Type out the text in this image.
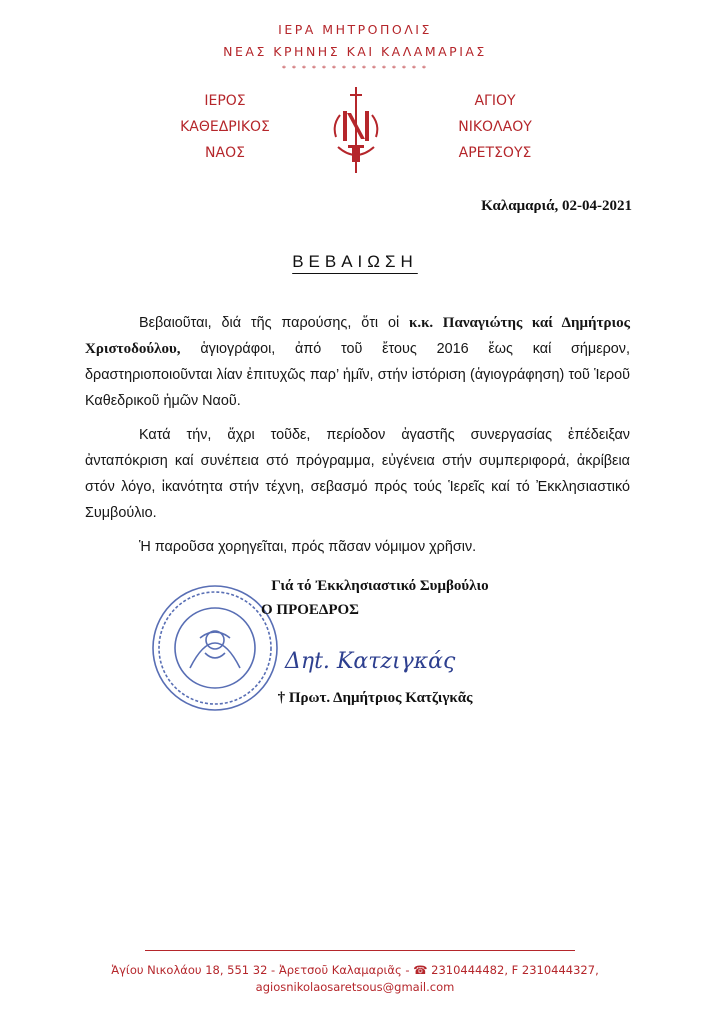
ΙΕΡΑ ΜΗΤΡΟΠΟΛΙΣ
ΝΕΑΣ ΚΡΗΝΗΣ ΚΑΙ ΚΑΛΑΜΑΡΙΑΣ
* * * * * * * * * * * * * * *
ΙΕΡΟΣ
ΚΑΘΕΔΡΙΚΟΣ
ΝΑΟΣ
ΑΓΙΟΥ
ΝΙΚΟΛΑΟΥ
ΑΡΕΤΣΟΥΣ
Καλαμαριά, 02-04-2021
ΒΕΒΑΙΩΣΗ

Βεβαιοῦται, διά τῆς παρούσης, ὅτι οἱ κ.κ. Παναγιώτης καί Δημήτριος Χριστοδούλου, ἁγιογράφοι, ἀπό τοῦ ἔτους 2016 ἕως καί σήμερον, δραστηριοποιοῦνται λίαν ἐπιτυχῶς παρ’ ἡμῖν, στήν ἱστόριση (ἁγιογράφηση) τοῦ Ἱεροῦ Καθεδρικοῦ ἡμῶν Ναοῦ.

Κατά τήν, ἄχρι τοῦδε, περίοδον ἀγαστῆς συνεργασίας ἐπέδειξαν ἀνταπόκριση καί συνέπεια στό πρόγραμμα, εὐγένεια στήν συμπεριφορά, ἀκρίβεια στόν λόγο, ἱκανότητα στήν τέχνη, σεβασμό πρός τούς Ἱερεῖς καί τό Ἐκκλησιαστικό Συμβούλιο.

Ἡ παροῦσα χορηγεῖται, πρός πᾶσαν νόμιμον χρῆσιν.

Γιά τό Ἐκκλησιαστικό Συμβούλιο
Ο ΠΡΟΕΔΡΟΣ
Δηt. Κατzιγκάς
† Πρωτ. Δημήτριος Κατζιγκᾶς
Ἁγίου Νικολάου 18, 551 32 - Ἀρετσοῦ Καλαμαριᾶς - ☎ 2310444482, F 2310444327,
agiosnikolaosaretsous@gmail.com
